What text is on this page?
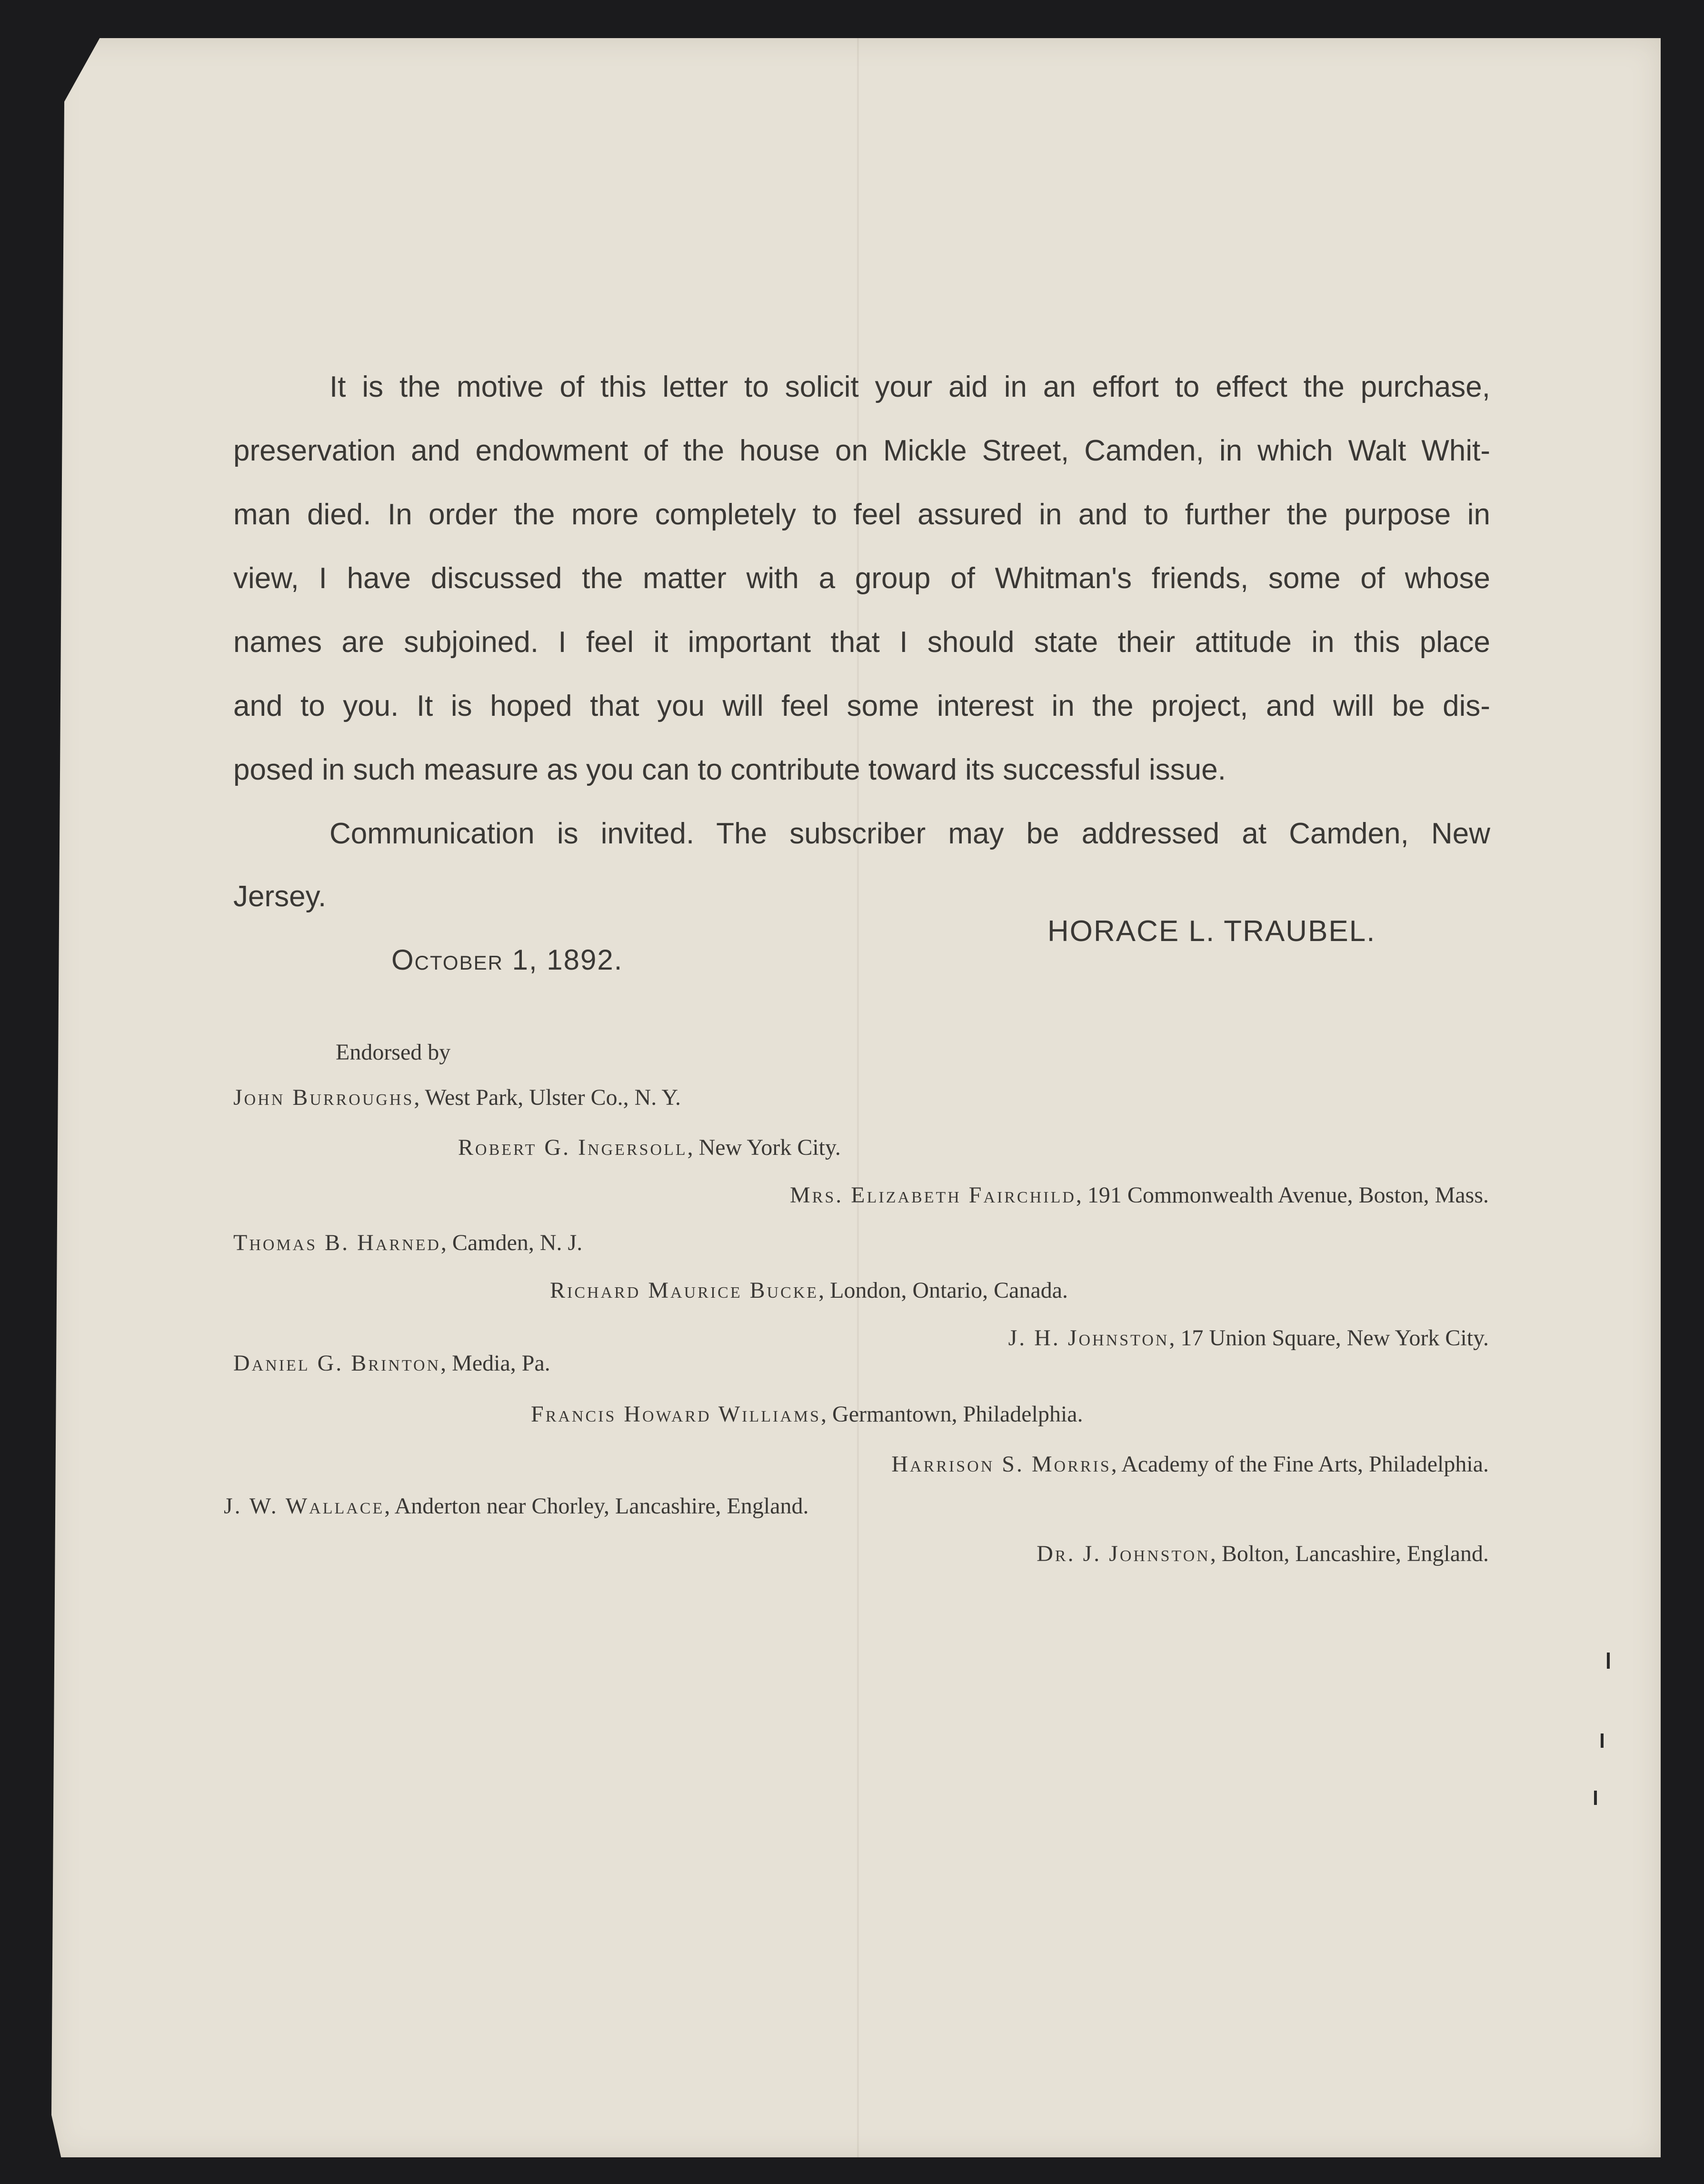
It is the motive of this letter to solicit your aid in an effort to effect the purchase,
preservation and endowment of the house on Mickle Street, Camden, in which Walt Whit-
man died. In order the more completely to feel assured in and to further the purpose in
view, I have discussed the matter with a group of Whitman's friends, some of whose
names are subjoined. I feel it important that I should state their attitude in this place
and to you. It is hoped that you will feel some interest in the project, and will be dis-
posed in such measure as you can to contribute toward its successful issue.
Communication is invited. The subscriber may be addressed at Camden, New
Jersey.
HORACE L. TRAUBEL.
October 1, 1892.
Endorsed by
John Burroughs, West Park, Ulster Co., N. Y.
Robert G. Ingersoll, New York City.
Mrs. Elizabeth Fairchild, 191 Commonwealth Avenue, Boston, Mass.
Thomas B. Harned, Camden, N. J.
Richard Maurice Bucke, London, Ontario, Canada.
J. H. Johnston, 17 Union Square, New York City.
Daniel G. Brinton, Media, Pa.
Francis Howard Williams, Germantown, Philadelphia.
Harrison S. Morris, Academy of the Fine Arts, Philadelphia.
J. W. Wallace, Anderton near Chorley, Lancashire, England.
Dr. J. Johnston, Bolton, Lancashire, England.
